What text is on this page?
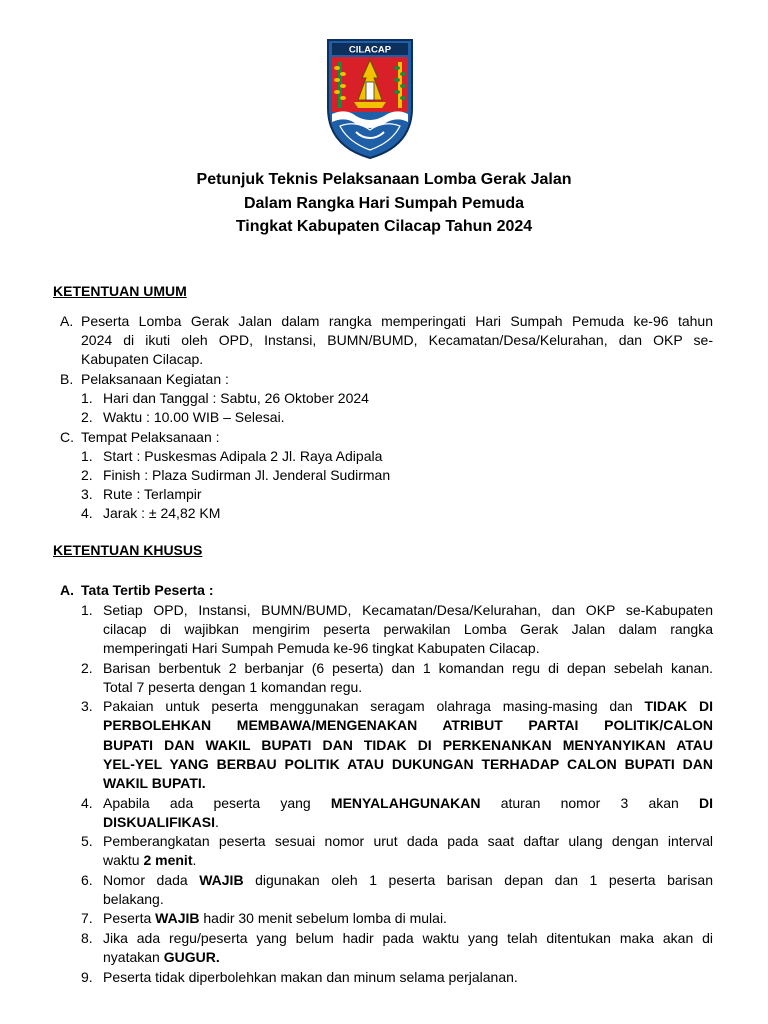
CILACAP
Petunjuk Teknis Pelaksanaan Lomba Gerak Jalan
Dalam Rangka Hari Sumpah Pemuda
Tingkat Kabupaten Cilacap Tahun 2024
KETENTUAN UMUM
A. Peserta Lomba Gerak Jalan dalam rangka memperingati Hari Sumpah Pemuda ke-96 tahun
2024 di ikuti oleh OPD, Instansi, BUMN/BUMD, Kecamatan/Desa/Kelurahan, dan OKP se-
Kabupaten Cilacap.
B. Pelaksanaan Kegiatan :
1. Hari dan Tanggal : Sabtu, 26 Oktober 2024
2. Waktu : 10.00 WIB – Selesai.
C. Tempat Pelaksanaan :
1. Start : Puskesmas Adipala 2 Jl. Raya Adipala
2. Finish : Plaza Sudirman Jl. Jenderal Sudirman
3. Rute : Terlampir
4. Jarak : ± 24,82 KM
KETENTUAN KHUSUS
A. Tata Tertib Peserta :
1. Setiap OPD, Instansi, BUMN/BUMD, Kecamatan/Desa/Kelurahan, dan OKP se-Kabupaten
cilacap di wajibkan mengirim peserta perwakilan Lomba Gerak Jalan dalam rangka
memperingati Hari Sumpah Pemuda ke-96 tingkat Kabupaten Cilacap.
2. Barisan berbentuk 2 berbanjar (6 peserta) dan 1 komandan regu di depan sebelah kanan.
Total 7 peserta dengan 1 komandan regu.
3. Pakaian untuk peserta menggunakan seragam olahraga masing-masing dan TIDAK DI
PERBOLEHKAN MEMBAWA/MENGENAKAN ATRIBUT PARTAI POLITIK/CALON
BUPATI DAN WAKIL BUPATI DAN TIDAK DI PERKENANKAN MENYANYIKAN ATAU
YEL-YEL YANG BERBAU POLITIK ATAU DUKUNGAN TERHADAP CALON BUPATI DAN
WAKIL BUPATI.
4. Apabila ada peserta yang MENYALAHGUNAKAN aturan nomor 3 akan DI
DISKUALIFIKASI.
5. Pemberangkatan peserta sesuai nomor urut dada pada saat daftar ulang dengan interval
waktu 2 menit.
6. Nomor dada WAJIB digunakan oleh 1 peserta barisan depan dan 1 peserta barisan
belakang.
7. Peserta WAJIB hadir 30 menit sebelum lomba di mulai.
8. Jika ada regu/peserta yang belum hadir pada waktu yang telah ditentukan maka akan di
nyatakan GUGUR.
9. Peserta tidak diperbolehkan makan dan minum selama perjalanan.
